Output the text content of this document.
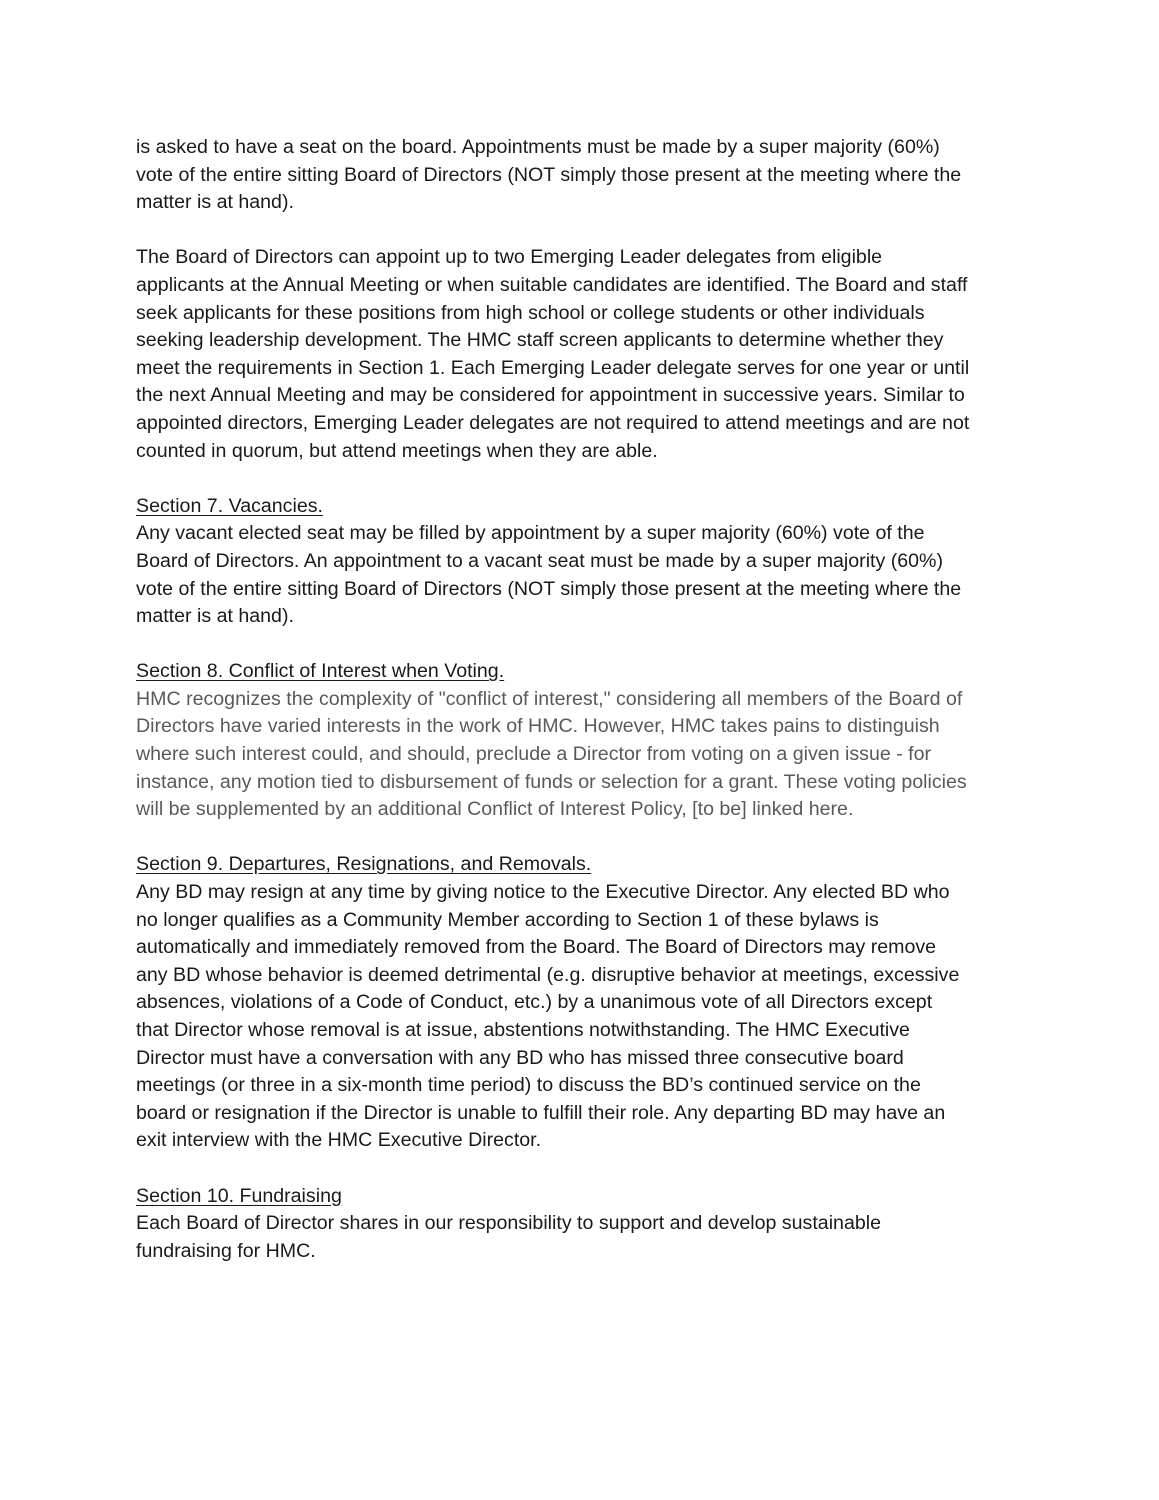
is asked to have a seat on the board. Appointments must be made by a super majority (60%)
vote of the entire sitting Board of Directors (NOT simply those present at the meeting where the
matter is at hand).
The Board of Directors can appoint up to two Emerging Leader delegates from eligible
applicants at the Annual Meeting or when suitable candidates are identified. The Board and staff
seek applicants for these positions from high school or college students or other individuals
seeking leadership development. The HMC staff screen applicants to determine whether they
meet the requirements in Section 1. Each Emerging Leader delegate serves for one year or until
the next Annual Meeting and may be considered for appointment in successive years. Similar to
appointed directors, Emerging Leader delegates are not required to attend meetings and are not
counted in quorum, but attend meetings when they are able.
Section 7. Vacancies.
Any vacant elected seat may be filled by appointment by a super majority (60%) vote of the
Board of Directors. An appointment to a vacant seat must be made by a super majority (60%)
vote of the entire sitting Board of Directors (NOT simply those present at the meeting where the
matter is at hand).
Section 8. Conflict of Interest when Voting.
HMC recognizes the complexity of "conflict of interest," considering all members of the Board of
Directors have varied interests in the work of HMC. However, HMC takes pains to distinguish
where such interest could, and should, preclude a Director from voting on a given issue - for
instance, any motion tied to disbursement of funds or selection for a grant. These voting policies
will be supplemented by an additional Conflict of Interest Policy, [to be] linked here.
Section 9. Departures, Resignations, and Removals.
Any BD may resign at any time by giving notice to the Executive Director. Any elected BD who
no longer qualifies as a Community Member according to Section 1 of these bylaws is
automatically and immediately removed from the Board. The Board of Directors may remove
any BD whose behavior is deemed detrimental (e.g. disruptive behavior at meetings, excessive
absences, violations of a Code of Conduct, etc.) by a unanimous vote of all Directors except
that Director whose removal is at issue, abstentions notwithstanding. The HMC Executive
Director must have a conversation with any BD who has missed three consecutive board
meetings (or three in a six-month time period) to discuss the BD’s continued service on the
board or resignation if the Director is unable to fulfill their role. Any departing BD may have an
exit interview with the HMC Executive Director.
Section 10. Fundraising
Each Board of Director shares in our responsibility to support and develop sustainable
fundraising for HMC.
